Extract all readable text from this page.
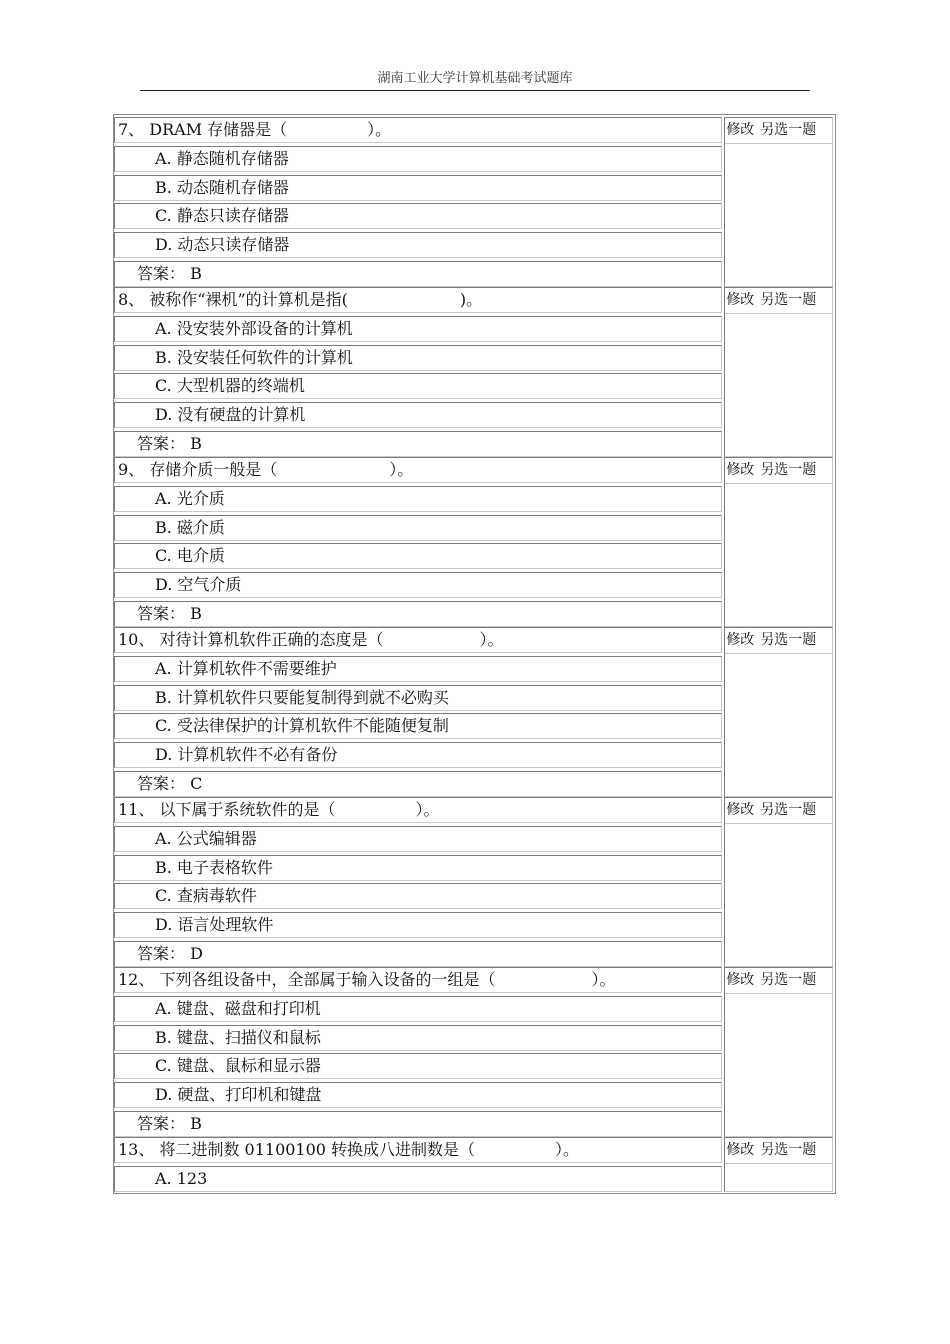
湖南工业大学计算机基础考试题库
7、 DRAM 存储器是（　　　　　）。
A. 静态随机存储器
B. 动态随机存储器
C. 静态只读存储器
D. 动态只读存储器
答案： B
修改 另选一题
8、 被称作“裸机”的计算机是指(　　　　　　　)。
A. 没安装外部设备的计算机
B. 没安装任何软件的计算机
C. 大型机器的终端机
D. 没有硬盘的计算机
答案： B
修改 另选一题
9、 存储介质一般是（　　　　　　　）。
A. 光介质
B. 磁介质
C. 电介质
D. 空气介质
答案： B
修改 另选一题
10、 对待计算机软件正确的态度是（　　　　　　）。
A. 计算机软件不需要维护
B. 计算机软件只要能复制得到就不必购买
C. 受法律保护的计算机软件不能随便复制
D. 计算机软件不必有备份
答案： C
修改 另选一题
11、 以下属于系统软件的是（　　　　　）。
A. 公式编辑器
B. 电子表格软件
C. 查病毒软件
D. 语言处理软件
答案： D
修改 另选一题
12、 下列各组设备中，全部属于输入设备的一组是（　　　　　　）。
A. 键盘、磁盘和打印机
B. 键盘、扫描仪和鼠标
C. 键盘、鼠标和显示器
D. 硬盘、打印机和键盘
答案： B
修改 另选一题
13、 将二进制数 01100100 转换成八进制数是（　　　　　）。
A. 123
修改 另选一题
